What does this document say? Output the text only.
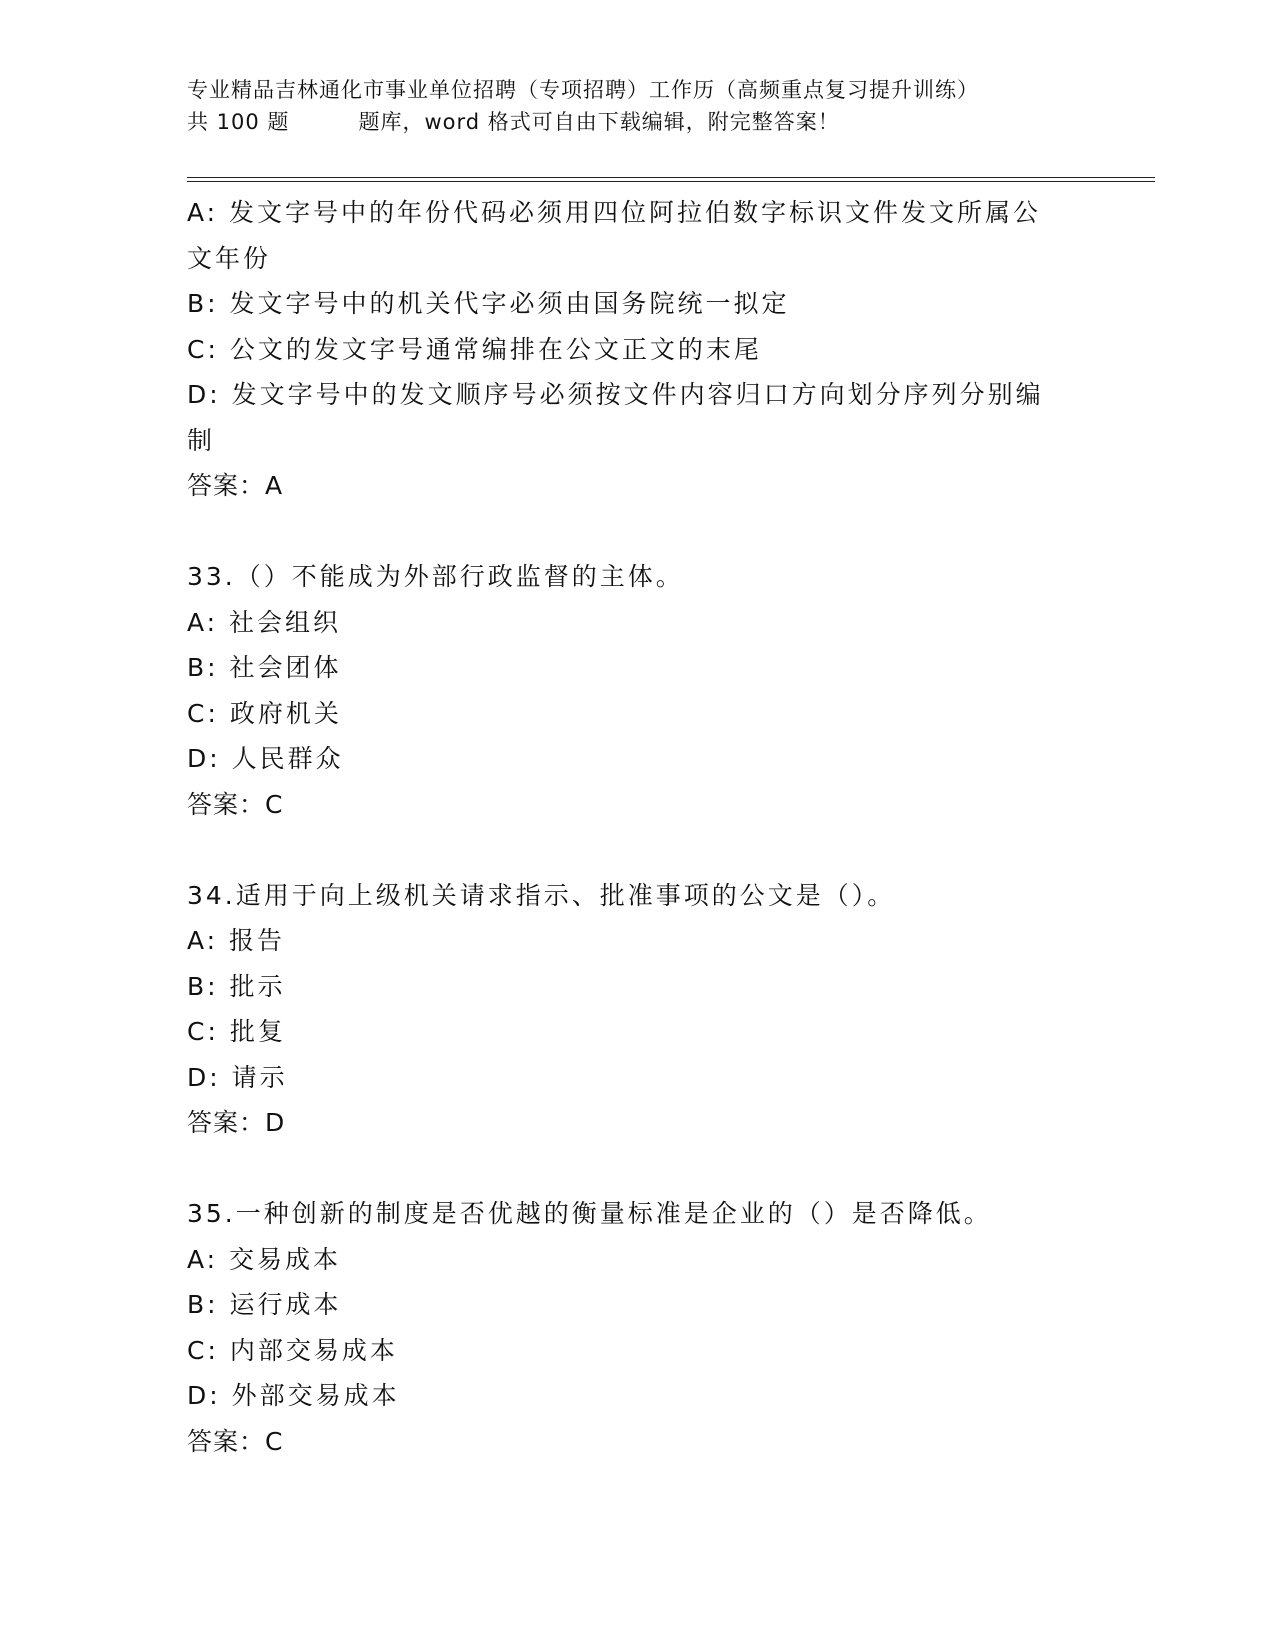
专业精品吉林通化市事业单位招聘（专项招聘）工作历（高频重点复习提升训练）
共 100 题         题库，word 格式可自由下载编辑，附完整答案！
A: 发文字号中的年份代码必须用四位阿拉伯数字标识文件发文所属公
文年份
B: 发文字号中的机关代字必须由国务院统一拟定
C: 公文的发文字号通常编排在公文正文的末尾
D: 发文字号中的发文顺序号必须按文件内容归口方向划分序列分别编
制
答案：A
33.（）不能成为外部行政监督的主体。
A: 社会组织
B: 社会团体
C: 政府机关
D: 人民群众
答案：C
34.适用于向上级机关请求指示、批准事项的公文是（）。
A: 报告
B: 批示
C: 批复
D: 请示
答案：D
35.一种创新的制度是否优越的衡量标准是企业的（）是否降低。
A: 交易成本
B: 运行成本
C: 内部交易成本
D: 外部交易成本
答案：C
